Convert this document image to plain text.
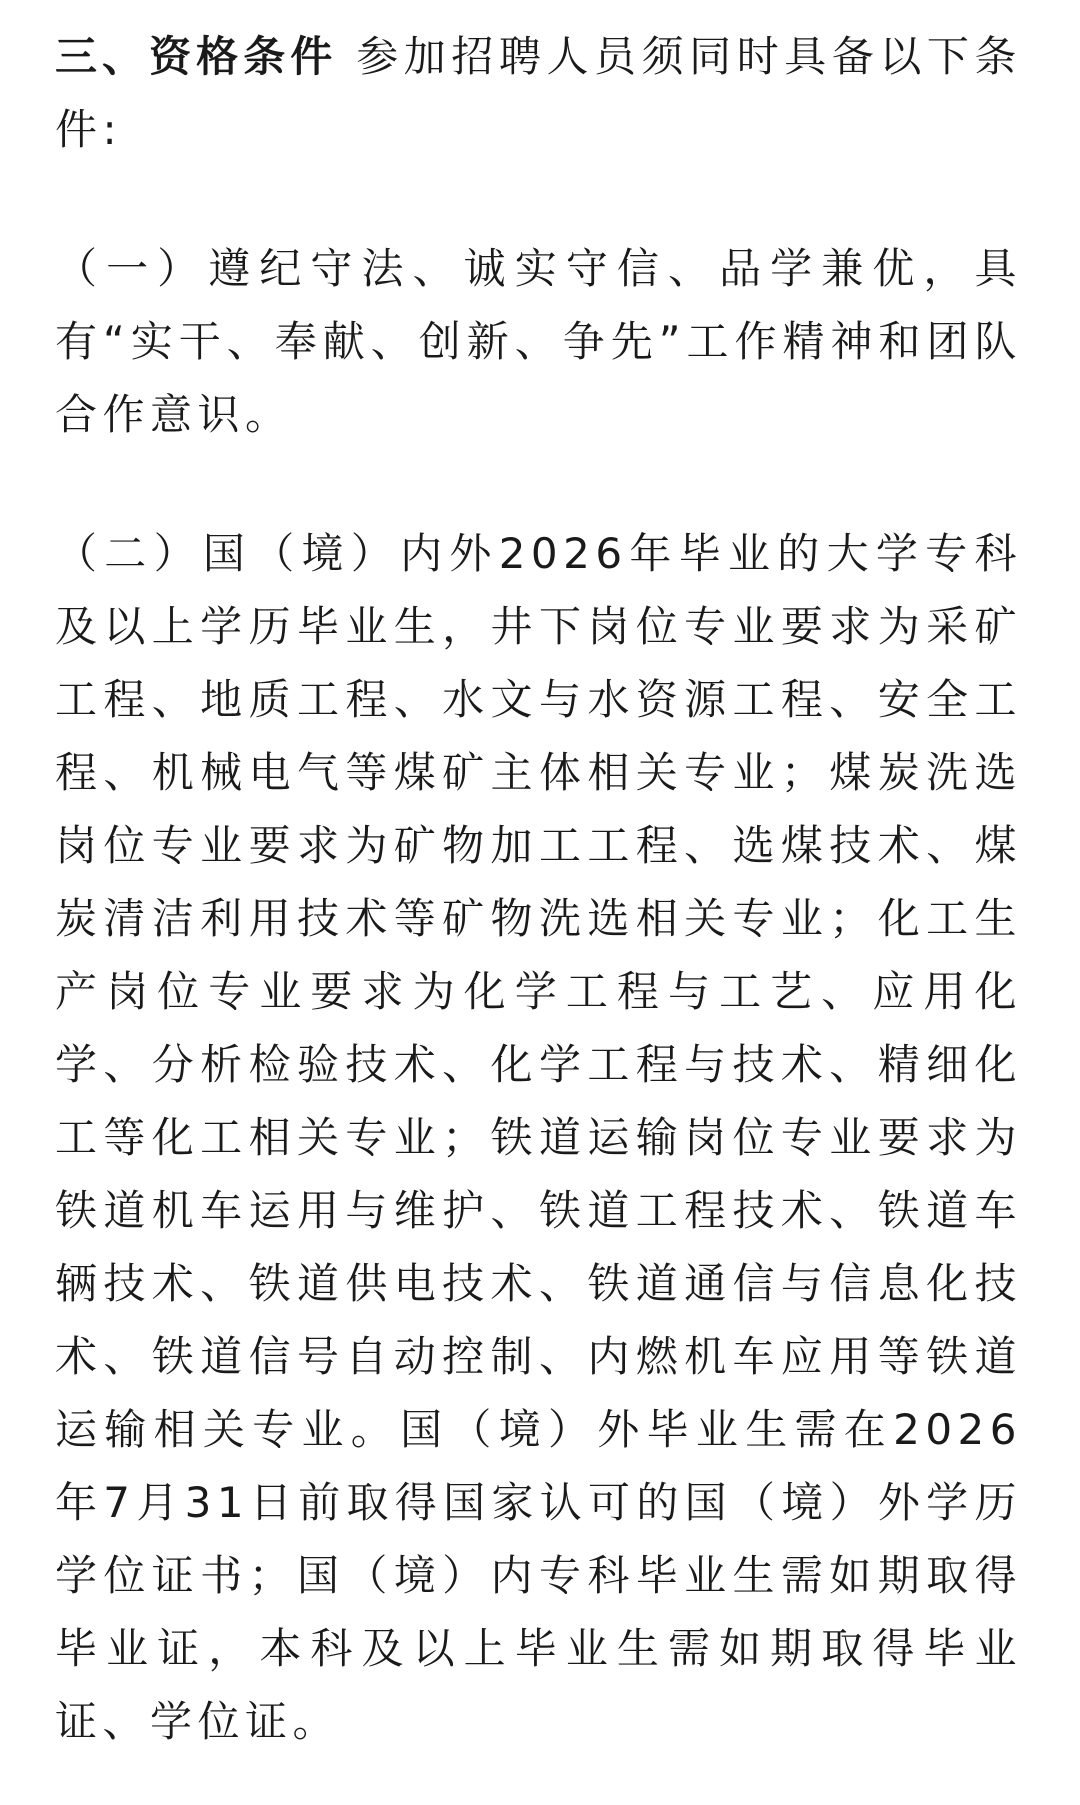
三、资格条件 参加招聘人员须同时具备以下条件:

（一）遵纪守法、诚实守信、品学兼优，具有“实干、奉献、创新、争先”工作精神和团队合作意识。

（二）国（境）内外2026年毕业的大学专科及以上学历毕业生，井下岗位专业要求为采矿工程、地质工程、水文与水资源工程、安全工程、机械电气等煤矿主体相关专业；煤炭洗选岗位专业要求为矿物加工工程、选煤技术、煤炭清洁利用技术等矿物洗选相关专业；化工生产岗位专业要求为化学工程与工艺、应用化学、分析检验技术、化学工程与技术、精细化工等化工相关专业；铁道运输岗位专业要求为铁道机车运用与维护、铁道工程技术、铁道车辆技术、铁道供电技术、铁道通信与信息化技术、铁道信号自动控制、内燃机车应用等铁道运输相关专业。国（境）外毕业生需在2026年7月31日前取得国家认可的国（境）外学历学位证书；国（境）内专科毕业生需如期取得毕业证，本科及以上毕业生需如期取得毕业证、学位证。
